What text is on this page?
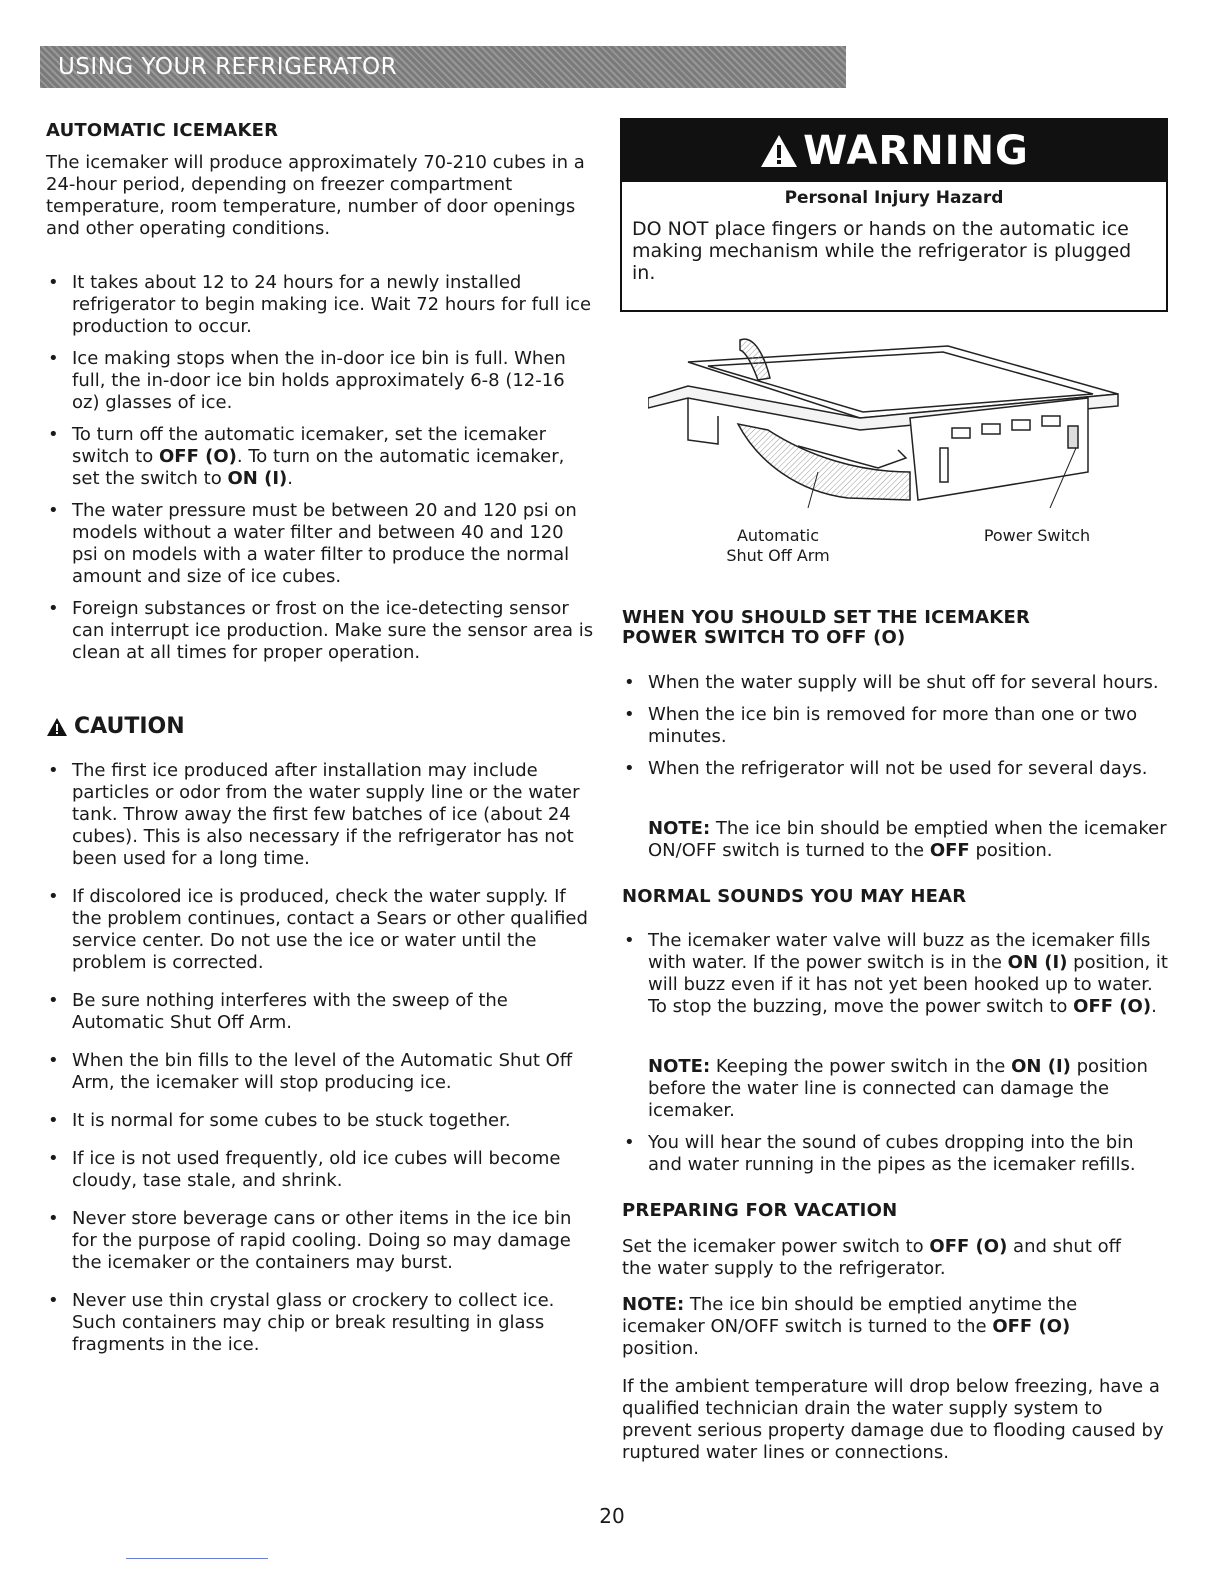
USING YOUR REFRIGERATOR
AUTOMATIC ICEMAKER

The icemaker will produce approximately 70-210 cubes in a 24-hour period, depending on freezer compartment temperature, room temperature, number of door openings and other operating conditions.

• It takes about 12 to 24 hours for a newly installed refrigerator to begin making ice. Wait 72 hours for full ice production to occur.
• Ice making stops when the in-door ice bin is full. When full, the in-door ice bin holds approximately 6-8 (12-16 oz) glasses of ice.
• To turn off the automatic icemaker, set the icemaker switch to OFF (O). To turn on the automatic icemaker, set the switch to ON (I).
• The water pressure must be between 20 and 120 psi on models without a water filter and between 40 and 120 psi on models with a water filter to produce the normal amount and size of ice cubes.
• Foreign substances or frost on the ice-detecting sensor can interrupt ice production. Make sure the sensor area is clean at all times for proper operation.
CAUTION
• The first ice produced after installation may include particles or odor from the water supply line or the water tank. Throw away the first few batches of ice (about 24 cubes). This is also necessary if the refrigerator has not been used for a long time.
• If discolored ice is produced, check the water supply. If the problem continues, contact a Sears or other qualified service center. Do not use the ice or water until the problem is corrected.
• Be sure nothing interferes with the sweep of the Automatic Shut Off Arm.
• When the bin fills to the level of the Automatic Shut Off Arm, the icemaker will stop producing ice.
• It is normal for some cubes to be stuck together.
• If ice is not used frequently, old ice cubes will become cloudy, tase stale, and shrink.
• Never store beverage cans or other items in the ice bin for the purpose of rapid cooling. Doing so may damage the icemaker or the containers may burst.
• Never use thin crystal glass or crockery to collect ice. Such containers may chip or break resulting in glass fragments in the ice.
WARNING
Personal Injury Hazard

DO NOT place fingers or hands on the automatic ice making mechanism while the refrigerator is plugged in.

Automatic
Shut Off Arm
Power Switch
WHEN YOU SHOULD SET THE ICEMAKER
POWER SWITCH TO OFF (O)
• When the water supply will be shut off for several hours.
• When the ice bin is removed for more than one or two minutes.
• When the refrigerator will not be used for several days.

NOTE: The ice bin should be emptied when the icemaker ON/OFF switch is turned to the OFF position.

NORMAL SOUNDS YOU MAY HEAR
• The icemaker water valve will buzz as the icemaker fills with water. If the power switch is in the ON (I) position, it will buzz even if it has not yet been hooked up to water. To stop the buzzing, move the power switch to OFF (O).

NOTE: Keeping the power switch in the ON (I) position before the water line is connected can damage the icemaker.

• You will hear the sound of cubes dropping into the bin and water running in the pipes as the icemaker refills.
PREPARING FOR VACATION

Set the icemaker power switch to OFF (O) and shut off the water supply to the refrigerator.

NOTE: The ice bin should be emptied anytime the icemaker ON/OFF switch is turned to the OFF (O) position.

If the ambient temperature will drop below freezing, have a qualified technician drain the water supply system to prevent serious property damage due to flooding caused by ruptured water lines or connections.

20
